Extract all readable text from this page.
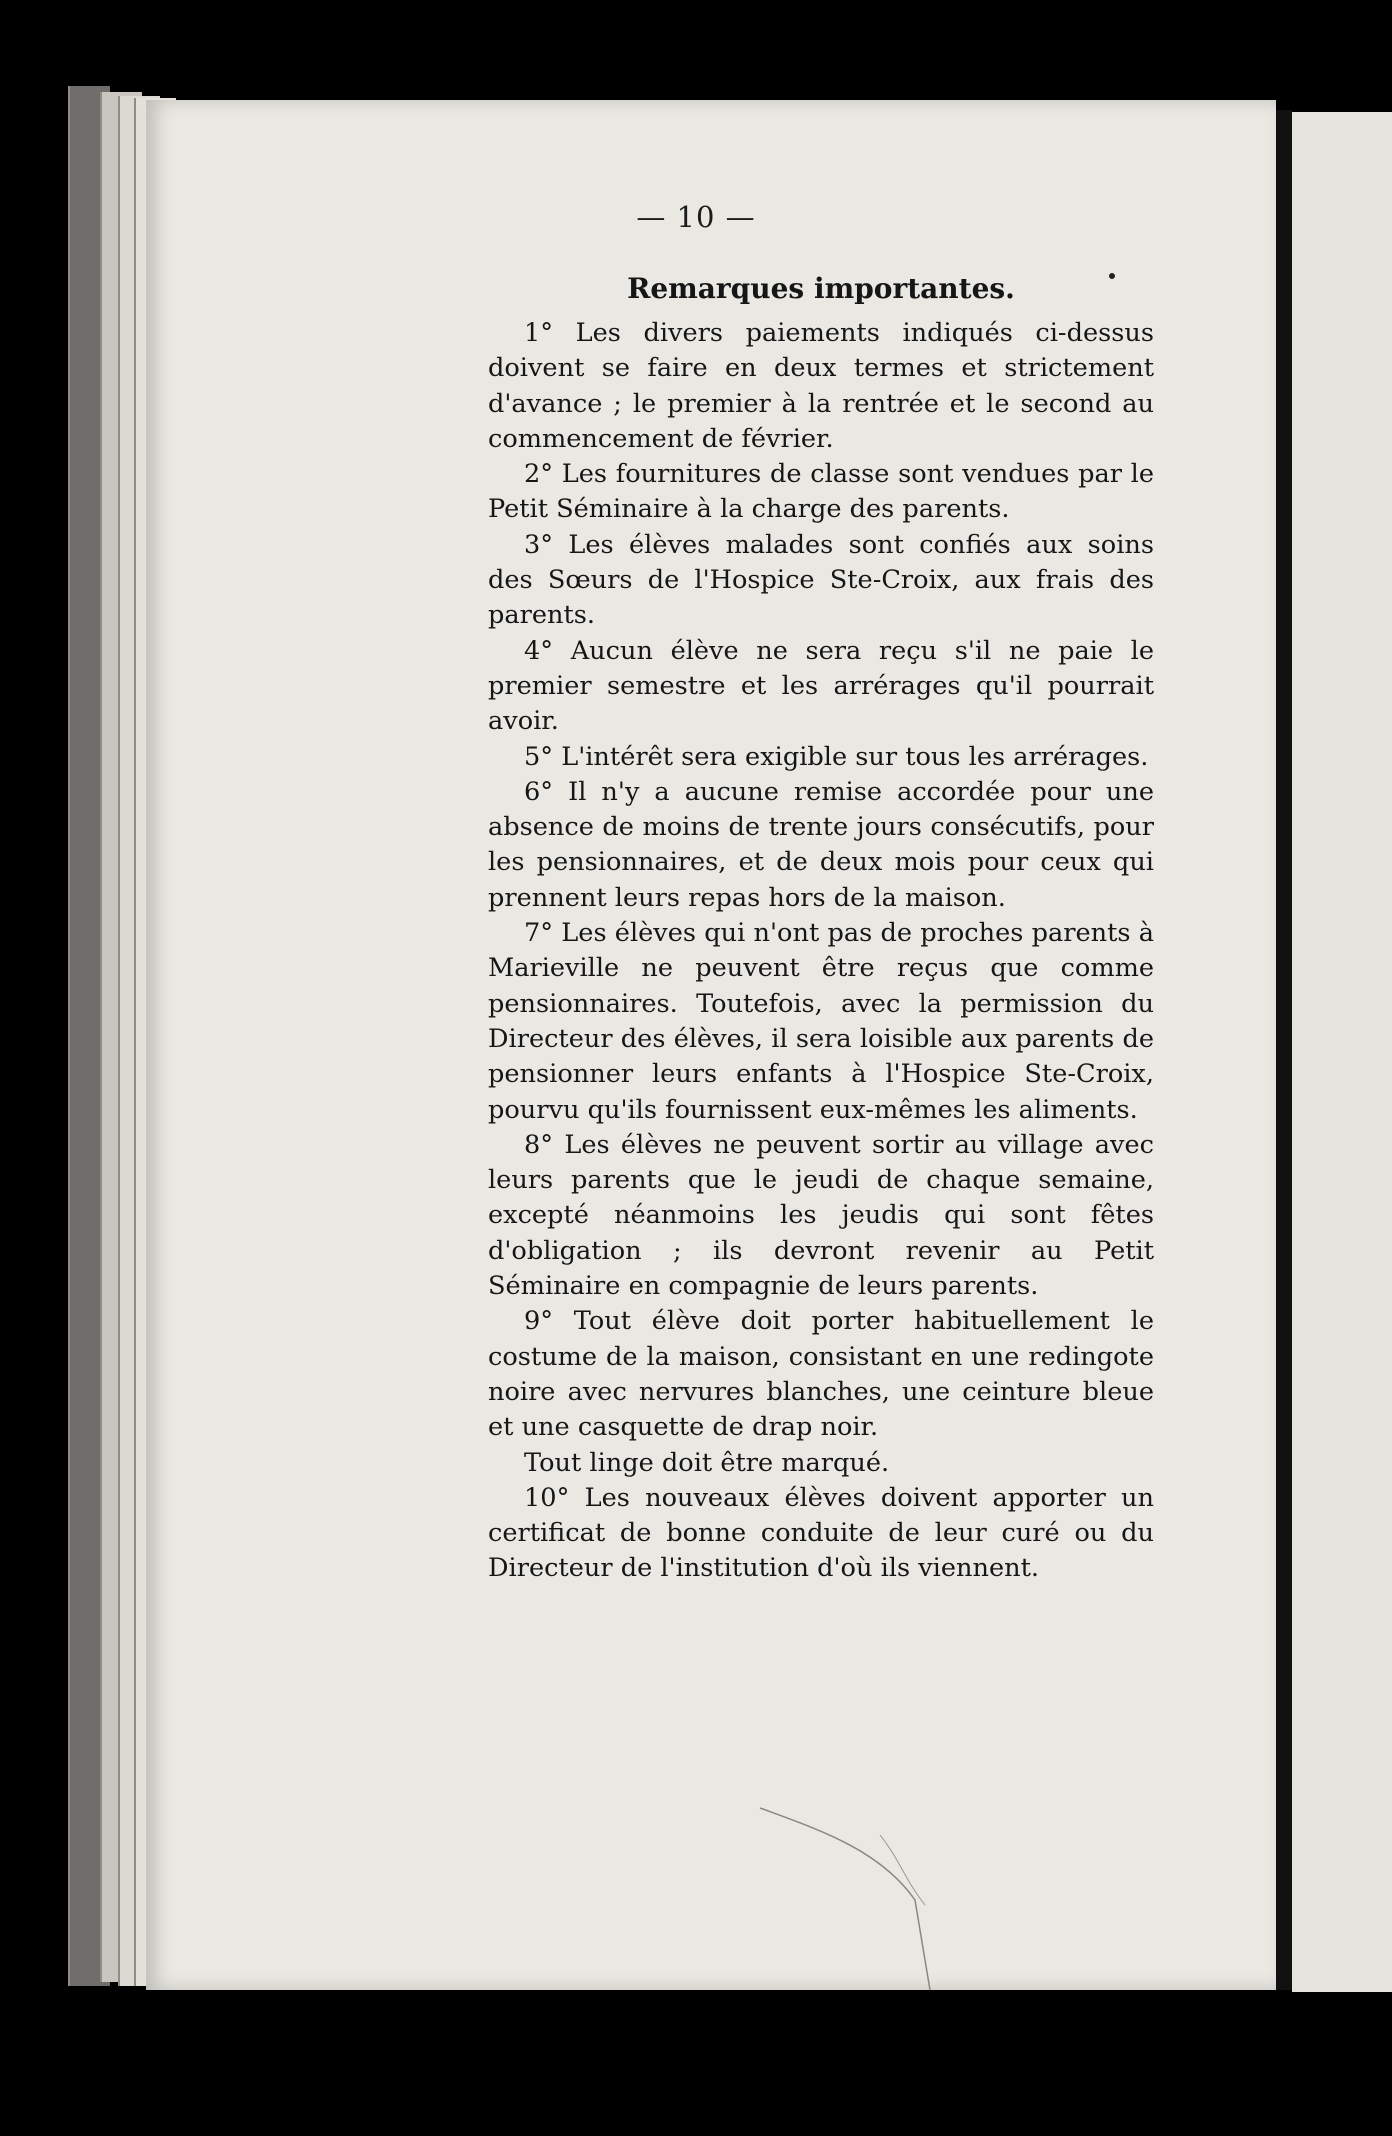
— 10 —
Remarques importantes.

1° Les divers paiements indiqués ci-dessus doivent se faire en deux termes et strictement d'avance ; le premier à la rentrée et le second au commencement de février.

2° Les fournitures de classe sont vendues par le Petit Séminaire à la charge des parents.

3° Les élèves malades sont confiés aux soins des Sœurs de l'Hospice Ste-Croix, aux frais des parents.

4° Aucun élève ne sera reçu s'il ne paie le premier semestre et les arrérages qu'il pourrait avoir.

5° L'intérêt sera exigible sur tous les arrérages.

6° Il n'y a aucune remise accordée pour une absence de moins de trente jours consécutifs, pour les pensionnaires, et de deux mois pour ceux qui prennent leurs repas hors de la maison.

7° Les élèves qui n'ont pas de proches parents à Marieville ne peuvent être reçus que comme pensionnaires. Toutefois, avec la permission du Directeur des élèves, il sera loisible aux parents de pensionner leurs enfants à l'Hospice Ste-Croix, pourvu qu'ils fournissent eux-mêmes les aliments.

8° Les élèves ne peuvent sortir au village avec leurs parents que le jeudi de chaque semaine, excepté néanmoins les jeudis qui sont fêtes d'obligation ; ils devront revenir au Petit Séminaire en compagnie de leurs parents.

9° Tout élève doit porter habituellement le costume de la maison, consistant en une redingote noire avec nervures blanches, une ceinture bleue et une casquette de drap noir.

Tout linge doit être marqué.

10° Les nouveaux élèves doivent apporter un certificat de bonne conduite de leur curé ou du Directeur de l'institution d'où ils viennent.
